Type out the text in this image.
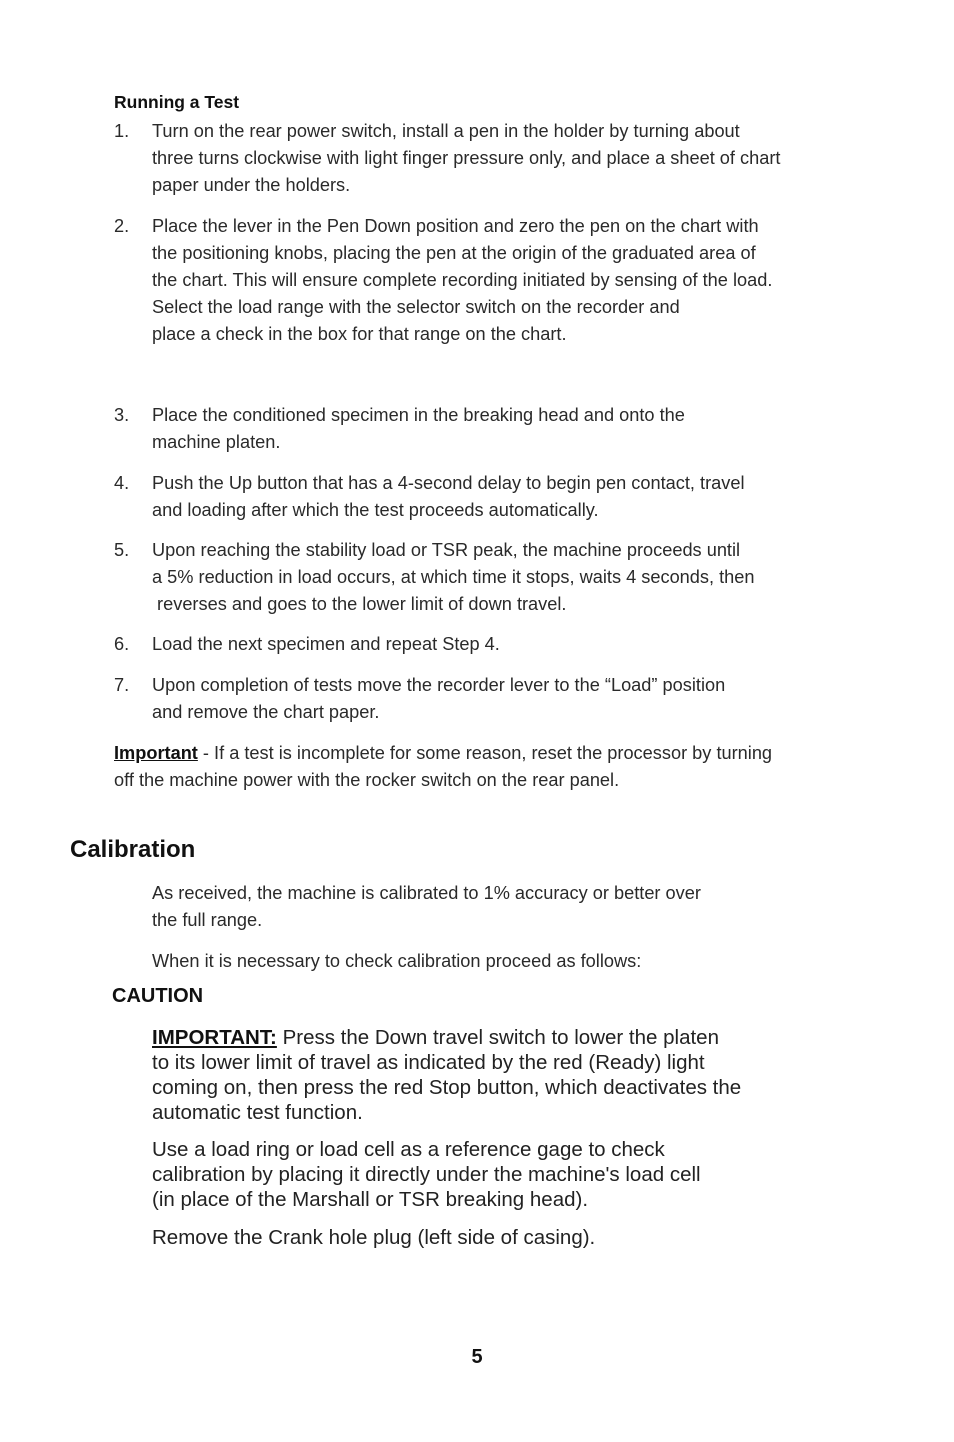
Running a Test
1.	Turn on the rear power switch, install a pen in the holder by turning about
three turns clockwise with light finger pressure only, and place a sheet of chart
paper under the holders.
2.	Place the lever in the Pen Down position and zero the pen on the chart with
the positioning knobs, placing the pen at the origin of the graduated area of
the chart. This will ensure complete recording initiated by sensing of the load.
Select the load range with the selector switch on the recorder and
place a check in the box for that range on the chart.
3.	Place the conditioned specimen in the breaking head and onto the
machine platen.
4.	Push the Up button that has a 4-second delay to begin pen contact, travel
and loading after which the test proceeds automatically.
5.	Upon reaching the stability load or TSR peak, the machine proceeds until
a 5% reduction in load occurs, at which time it stops, waits 4 seconds, then
reverses and goes to the lower limit of down travel.
6.	Load the next specimen and repeat Step 4.
7.	Upon completion of tests move the recorder lever to the “Load” position
and remove the chart paper.
Important - If a test is incomplete for some reason, reset the processor by turning
off the machine power with the rocker switch on the rear panel.
Calibration
As received, the machine is calibrated to 1% accuracy or better over
the full range.
When it is necessary to check calibration proceed as follows:
CAUTION
IMPORTANT: Press the Down travel switch to lower the platen
to its lower limit of travel as indicated by the red (Ready) light
coming on, then press the red Stop button, which deactivates the
automatic test function.
Use a load ring or load cell as a reference gage to check
calibration by placing it directly under the machine's load cell
(in place of the Marshall or TSR breaking head).
Remove the Crank hole plug (left side of casing).
5
